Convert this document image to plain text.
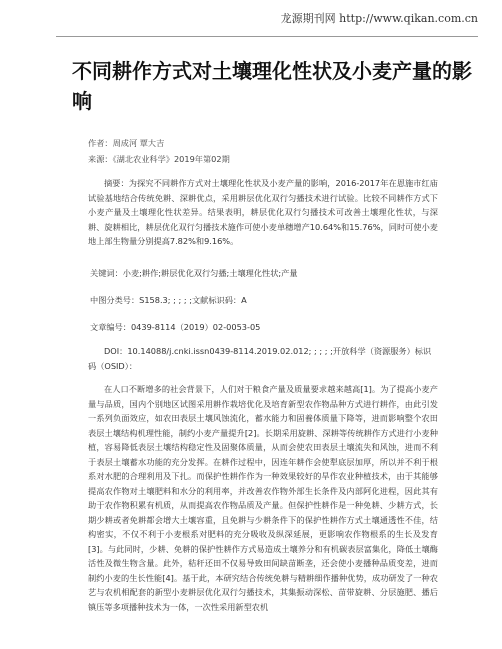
龙源期刊网 http://www.qikan.com.cn
不同耕作方式对土壤理化性状及小麦产量的影响
作者：周成河 覃大吉
来源：《湖北农业科学》2019年第02期

摘要：为探究不同耕作方式对土壤理化性状及小麦产量的影响，2016-2017年在恩施市红庙试验基地结合传统免耕、深耕优点，采用耕层优化双行匀播技术进行试验。比较不同耕作方式下小麦产量及土壤理化性状差异。结果表明，耕层优化双行匀播技术可改善土壤理化性状，与深耕、旋耕相比，耕层优化双行匀播技术施作可使小麦单穗增产10.64%和15.76%，同时可使小麦地上部生物量分别提高7.82%和9.16%。

关键词：小麦;耕作;耕层优化双行匀播;土壤理化性状;产量
中图分类号：S158.3; ; ; ; ;文献标识码：A
文章编号：0439-8114（2019）02-0053-05
DOI：10.14088/j.cnki.issn0439-8114.2019.02.012; ; ; ; ;开放科学（资源服务）标识码（OSID）：

在人口不断增多的社会背景下，人们对于粮食产量及质量要求越来越高[1]。为了提高小麦产量与品质，国内个别地区试图采用耕作栽培优化及培育新型农作物品种方式进行耕作，由此引发一系列负面效应，如农田表层土壤风蚀流化，蓄水能力和固養体质量下降等，进而影响整个农田表层土壤结构机理性能，制约小麦产量提升[2]。长期采用旋耕、深耕等传统耕作方式进行小麦种植，容易降低表层土壤结构稳定性及固聚体质量，从而会使农田表层土壤流失和风蚀，进而不利于表层土壤蓄水功能的充分发挥。在耕作过程中，因连年耕作会使犁底层加厚，所以并不利于根系对水肥的合理利用及下扎。而保护性耕作作为一种效果较好的旱作农业种植技术，由于其能够提高农作物对土壤肥料和水分的利用率，并改善农作物外部生长条件及内部阿化进程，因此其有助于农作物积累有机质，从而提高农作物品质及产量。但保护性耕作是一种免耕、少耕方式，长期少耕或者免耕都会增大土壤容重，且免耕与少耕条件下的保护性耕作方式土壤通透性不佳，结构密实，不仅不利于小麦根系对肥料的充分吸收及纵深延展，更影响农作物根系的生长及发育[3]。与此同时，少耕、免耕的保护性耕作方式易造成土壤养分和有机碳表层富集化，降低土壤酶活性及微生物含量。此外，秸秆还田不仅易导致田间缺苗断垄，还会使小麦播种品质变差，进而制约小麦的生长性能[4]。基于此，本研究结合传统免耕与精耕细作播种优势，成功研发了一种农艺与农机相配套的新型小麦耕层优化双行匀播技术，其集振动深松、苗带旋耕、分层施肥、播后镇压等多项播种技术为一体，一次性采用新型农机
